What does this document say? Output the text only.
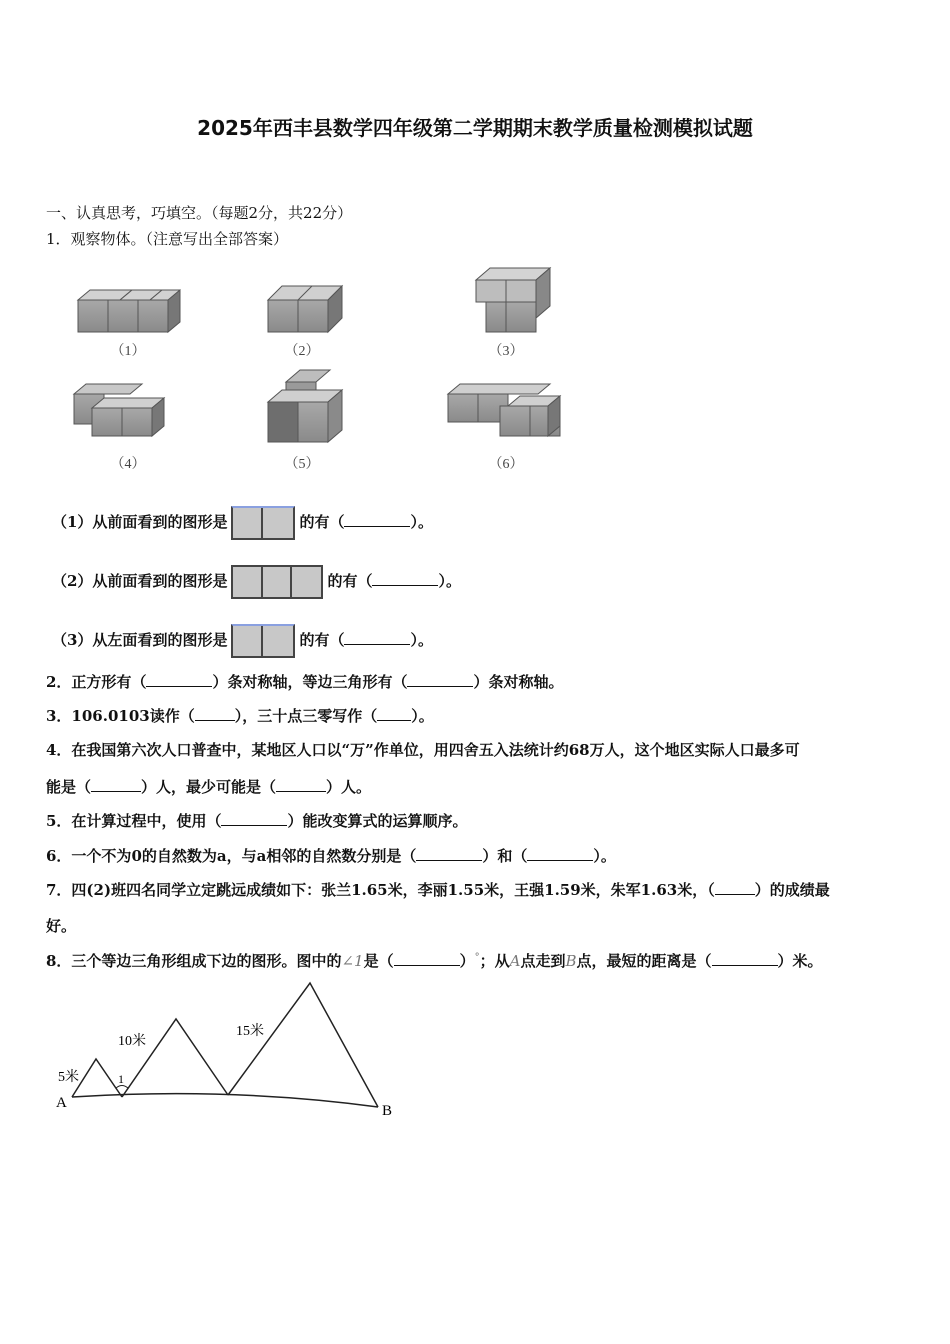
2025年西丰县数学四年级第二学期期末教学质量检测模拟试题
一、认真思考，巧填空。（每题2分，共22分）
1．观察物体。（注意写出全部答案）
（1）	（2）	（3）
（4）	（5）	（6）
（1）从前面看到的图形是	的有（	）。
（2）从前面看到的图形是	的有（	）。
（3）从左面看到的图形是	的有（	）。
2．正方形有（	）条对称轴，等边三角形有（	）条对称轴。
3．106.0103读作（	），三十点三零写作（ ）。
4．在我国第六次人口普查中，某地区人口以“万”作单位，用四舍五入法统计约68万人，这个地区实际人口最多可
能是（	）人，最少可能是（	）人。
5．在计算过程中，使用（	）能改变算式的运算顺序。
6．一个不为0的自然数为a，与a相邻的自然数分别是（	）和（	）。
7．四(2)班四名同学立定跳远成绩如下：张兰1.65米，李丽1.55米，王强1.59米，朱军1.63米，（	）的成绩最
好。
8．三个等边三角形组成下边的图形。图中的∠1是（	）°；从A点走到B点，最短的距离是（	）米。
5米
10米
15米
1
A	B
